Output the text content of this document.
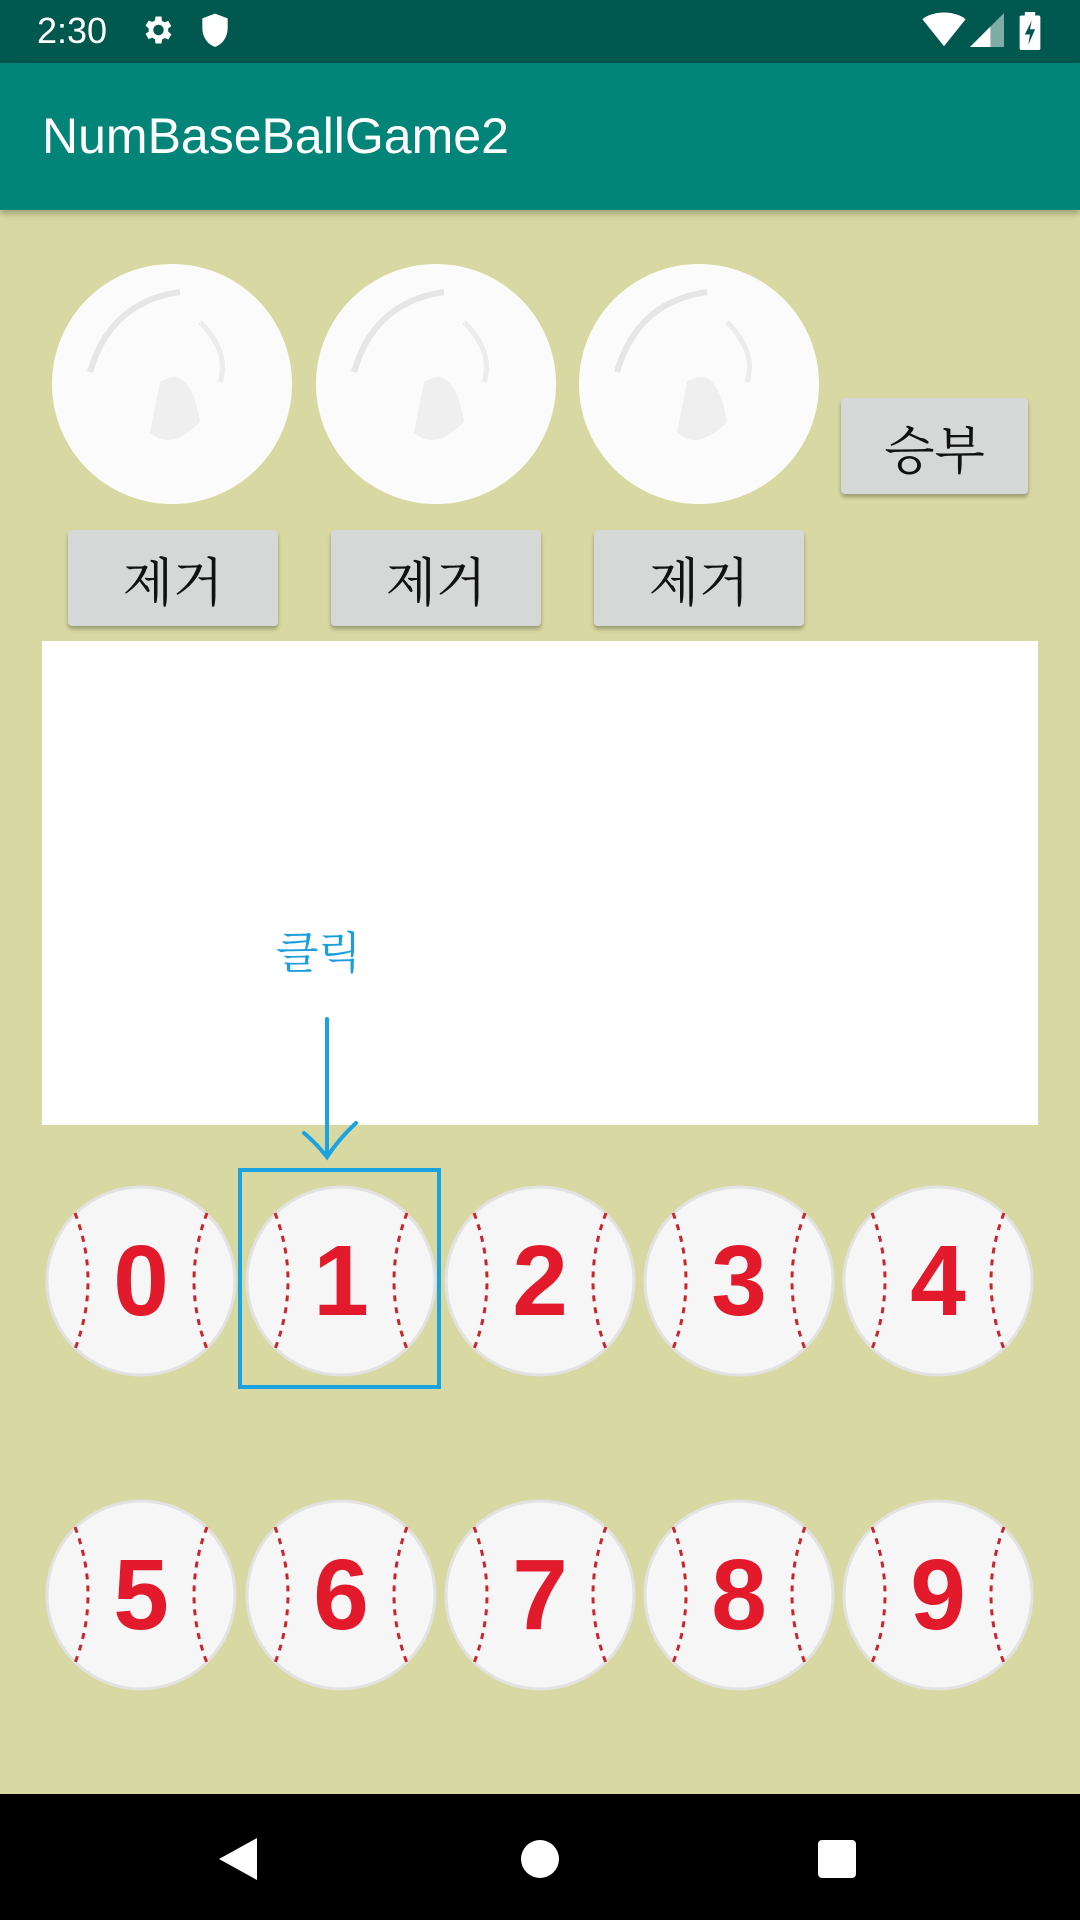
2:30
NumBaseBallGame2
승부
제거	제거	제거
클릭
0 1 2 3 4
5 6 7 8 9
